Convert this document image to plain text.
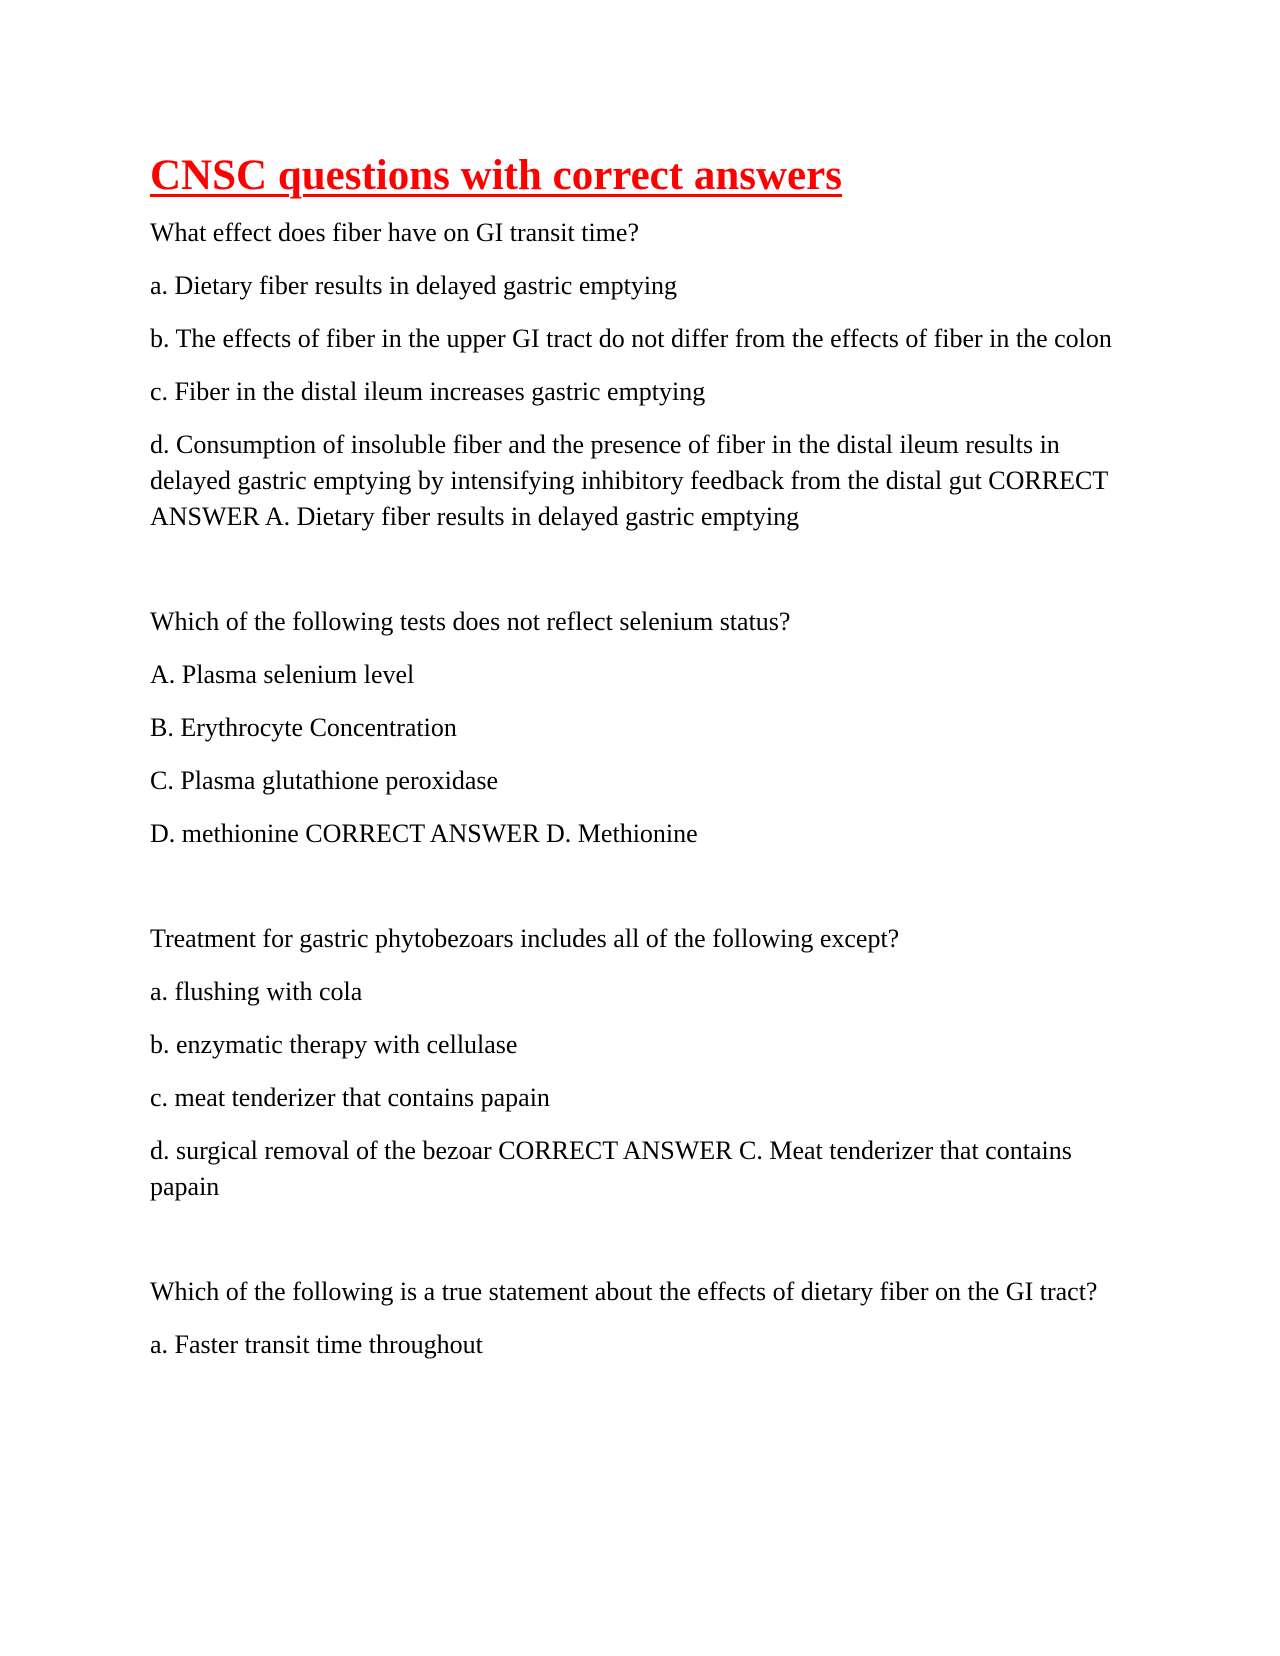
CNSC questions with correct answers

What effect does fiber have on GI transit time?

a. Dietary fiber results in delayed gastric emptying

b. The effects of fiber in the upper GI tract do not differ from the effects of fiber in the colon

c. Fiber in the distal ileum increases gastric emptying

d. Consumption of insoluble fiber and the presence of fiber in the distal ileum results in delayed gastric emptying by intensifying inhibitory feedback from the distal gut CORRECT ANSWER A. Dietary fiber results in delayed gastric emptying

Which of the following tests does not reflect selenium status?

A. Plasma selenium level

B. Erythrocyte Concentration

C. Plasma glutathione peroxidase

D. methionine CORRECT ANSWER D. Methionine

Treatment for gastric phytobezoars includes all of the following except?

a. flushing with cola

b. enzymatic therapy with cellulase

c. meat tenderizer that contains papain

d. surgical removal of the bezoar CORRECT ANSWER C. Meat tenderizer that contains papain

Which of the following is a true statement about the effects of dietary fiber on the GI tract?

a. Faster transit time throughout
